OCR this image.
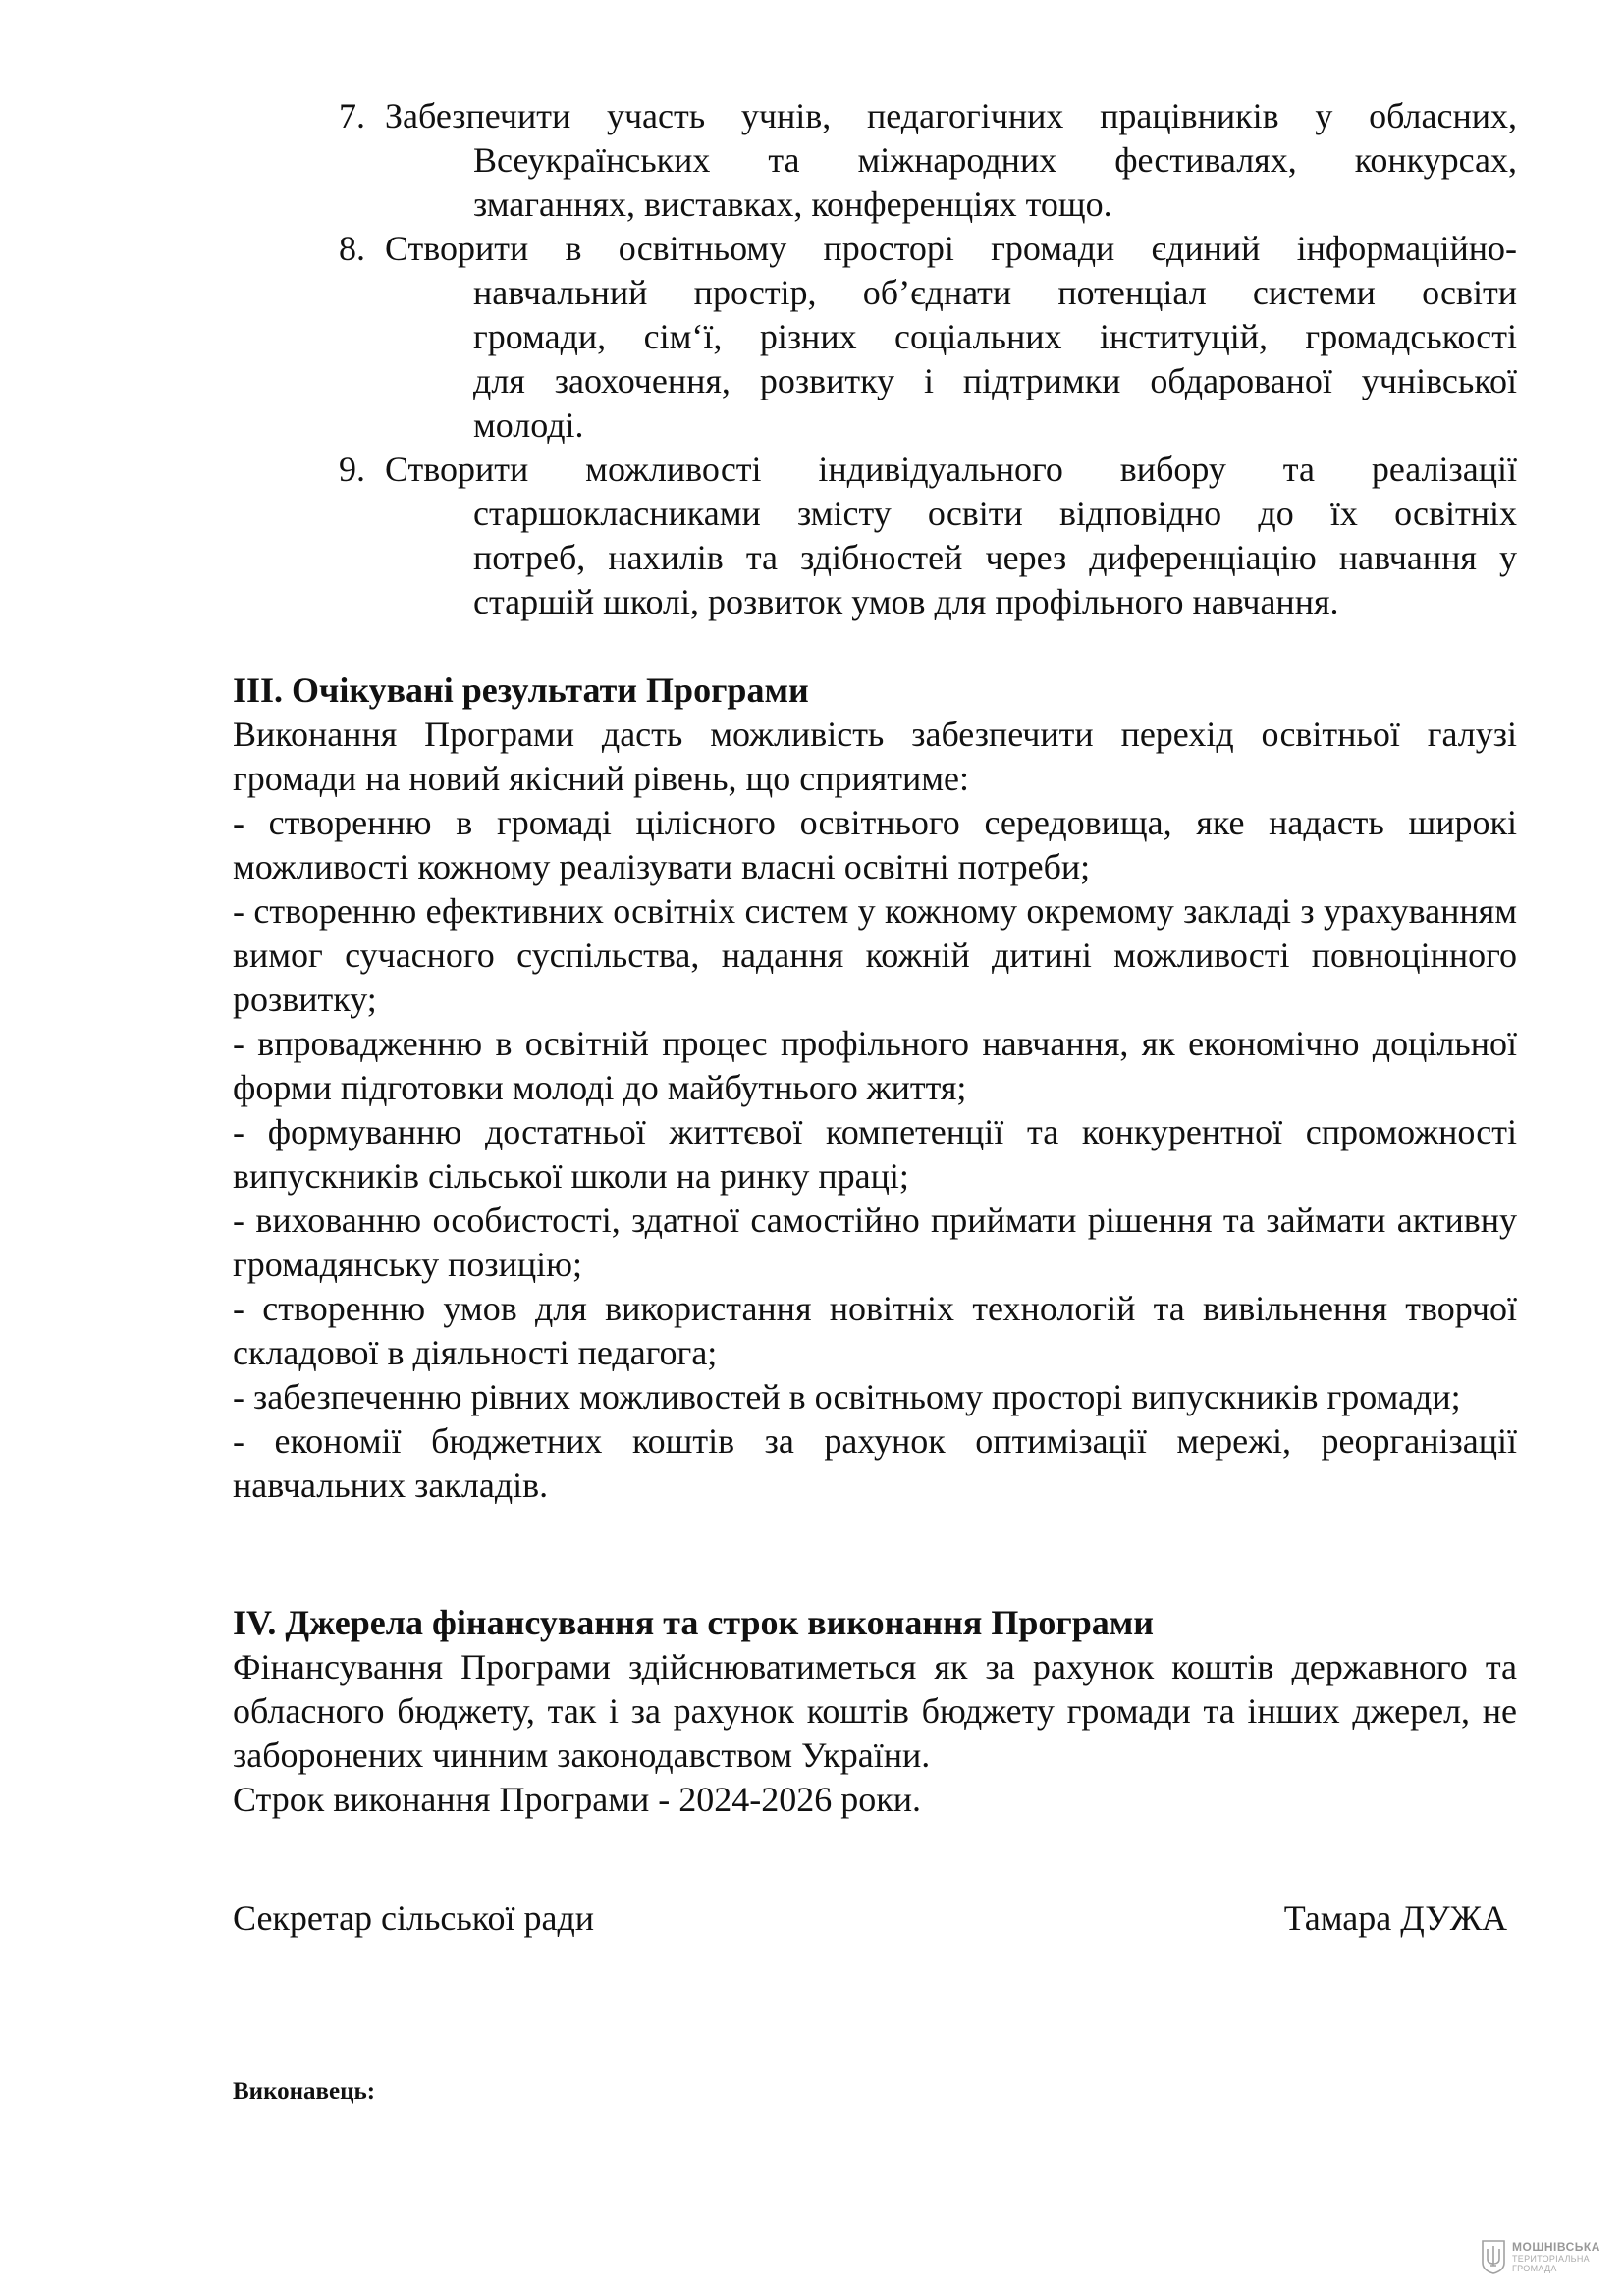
7. Забезпечити участь учнів, педагогічних працівників у обласних,
Всеукраїнських та міжнародних фестивалях, конкурсах,
змаганнях, виставках, конференціях тощо.
8. Створити в освітньому просторі громади єдиний інформаційно-
навчальний простір, об’єднати потенціал системи освіти
громади, сім‘ї, різних соціальних інституцій, громадськості
для заохочення, розвитку і підтримки обдарованої учнівської
молоді.
9. Створити можливості індивідуального вибору та реалізації
старшокласниками змісту освіти відповідно до їх освітніх
потреб, нахилів та здібностей через диференціацію навчання у
старшій школі, розвиток умов для профільного навчання.

III. Очікувані результати Програми

Виконання Програми дасть можливість забезпечити перехід освітньої галузі громади на новий якісний рівень, що сприятиме:

- створенню в громаді цілісного освітнього середовища, яке надасть широкі можливості кожному реалізувати власні освітні потреби;

- створенню ефективних освітніх систем у кожному окремому закладі з урахуванням вимог сучасного суспільства, надання кожній дитині можливості повноцінного розвитку;

- впровадженню в освітній процес профільного навчання, як економічно доцільної форми підготовки молоді до майбутнього життя;

- формуванню достатньої життєвої компетенції та конкурентної спроможності випускників сільської школи на ринку праці;

- вихованню особистості, здатної самостійно приймати рішення та займати активну громадянську позицію;

- створенню умов для використання новітніх технологій та вивільнення творчої складової в діяльності педагога;

- забезпеченню рівних можливостей в освітньому просторі випускників громади;

- економії бюджетних коштів за рахунок оптимізації мережі, реорганізації навчальних закладів.

IV. Джерела фінансування та строк виконання Програми

Фінансування Програми здійснюватиметься як за рахунок коштів державного та обласного бюджету, так і за рахунок коштів бюджету громади та інших джерел, не заборонених чинним законодавством України.

Строк виконання Програми - 2024-2026 роки.

Секретар сільської ради	Тамара ДУЖА
Виконавець:
МОШНІВСЬКА
ТЕРИТОРІАЛЬНА
ГРОМАДА
